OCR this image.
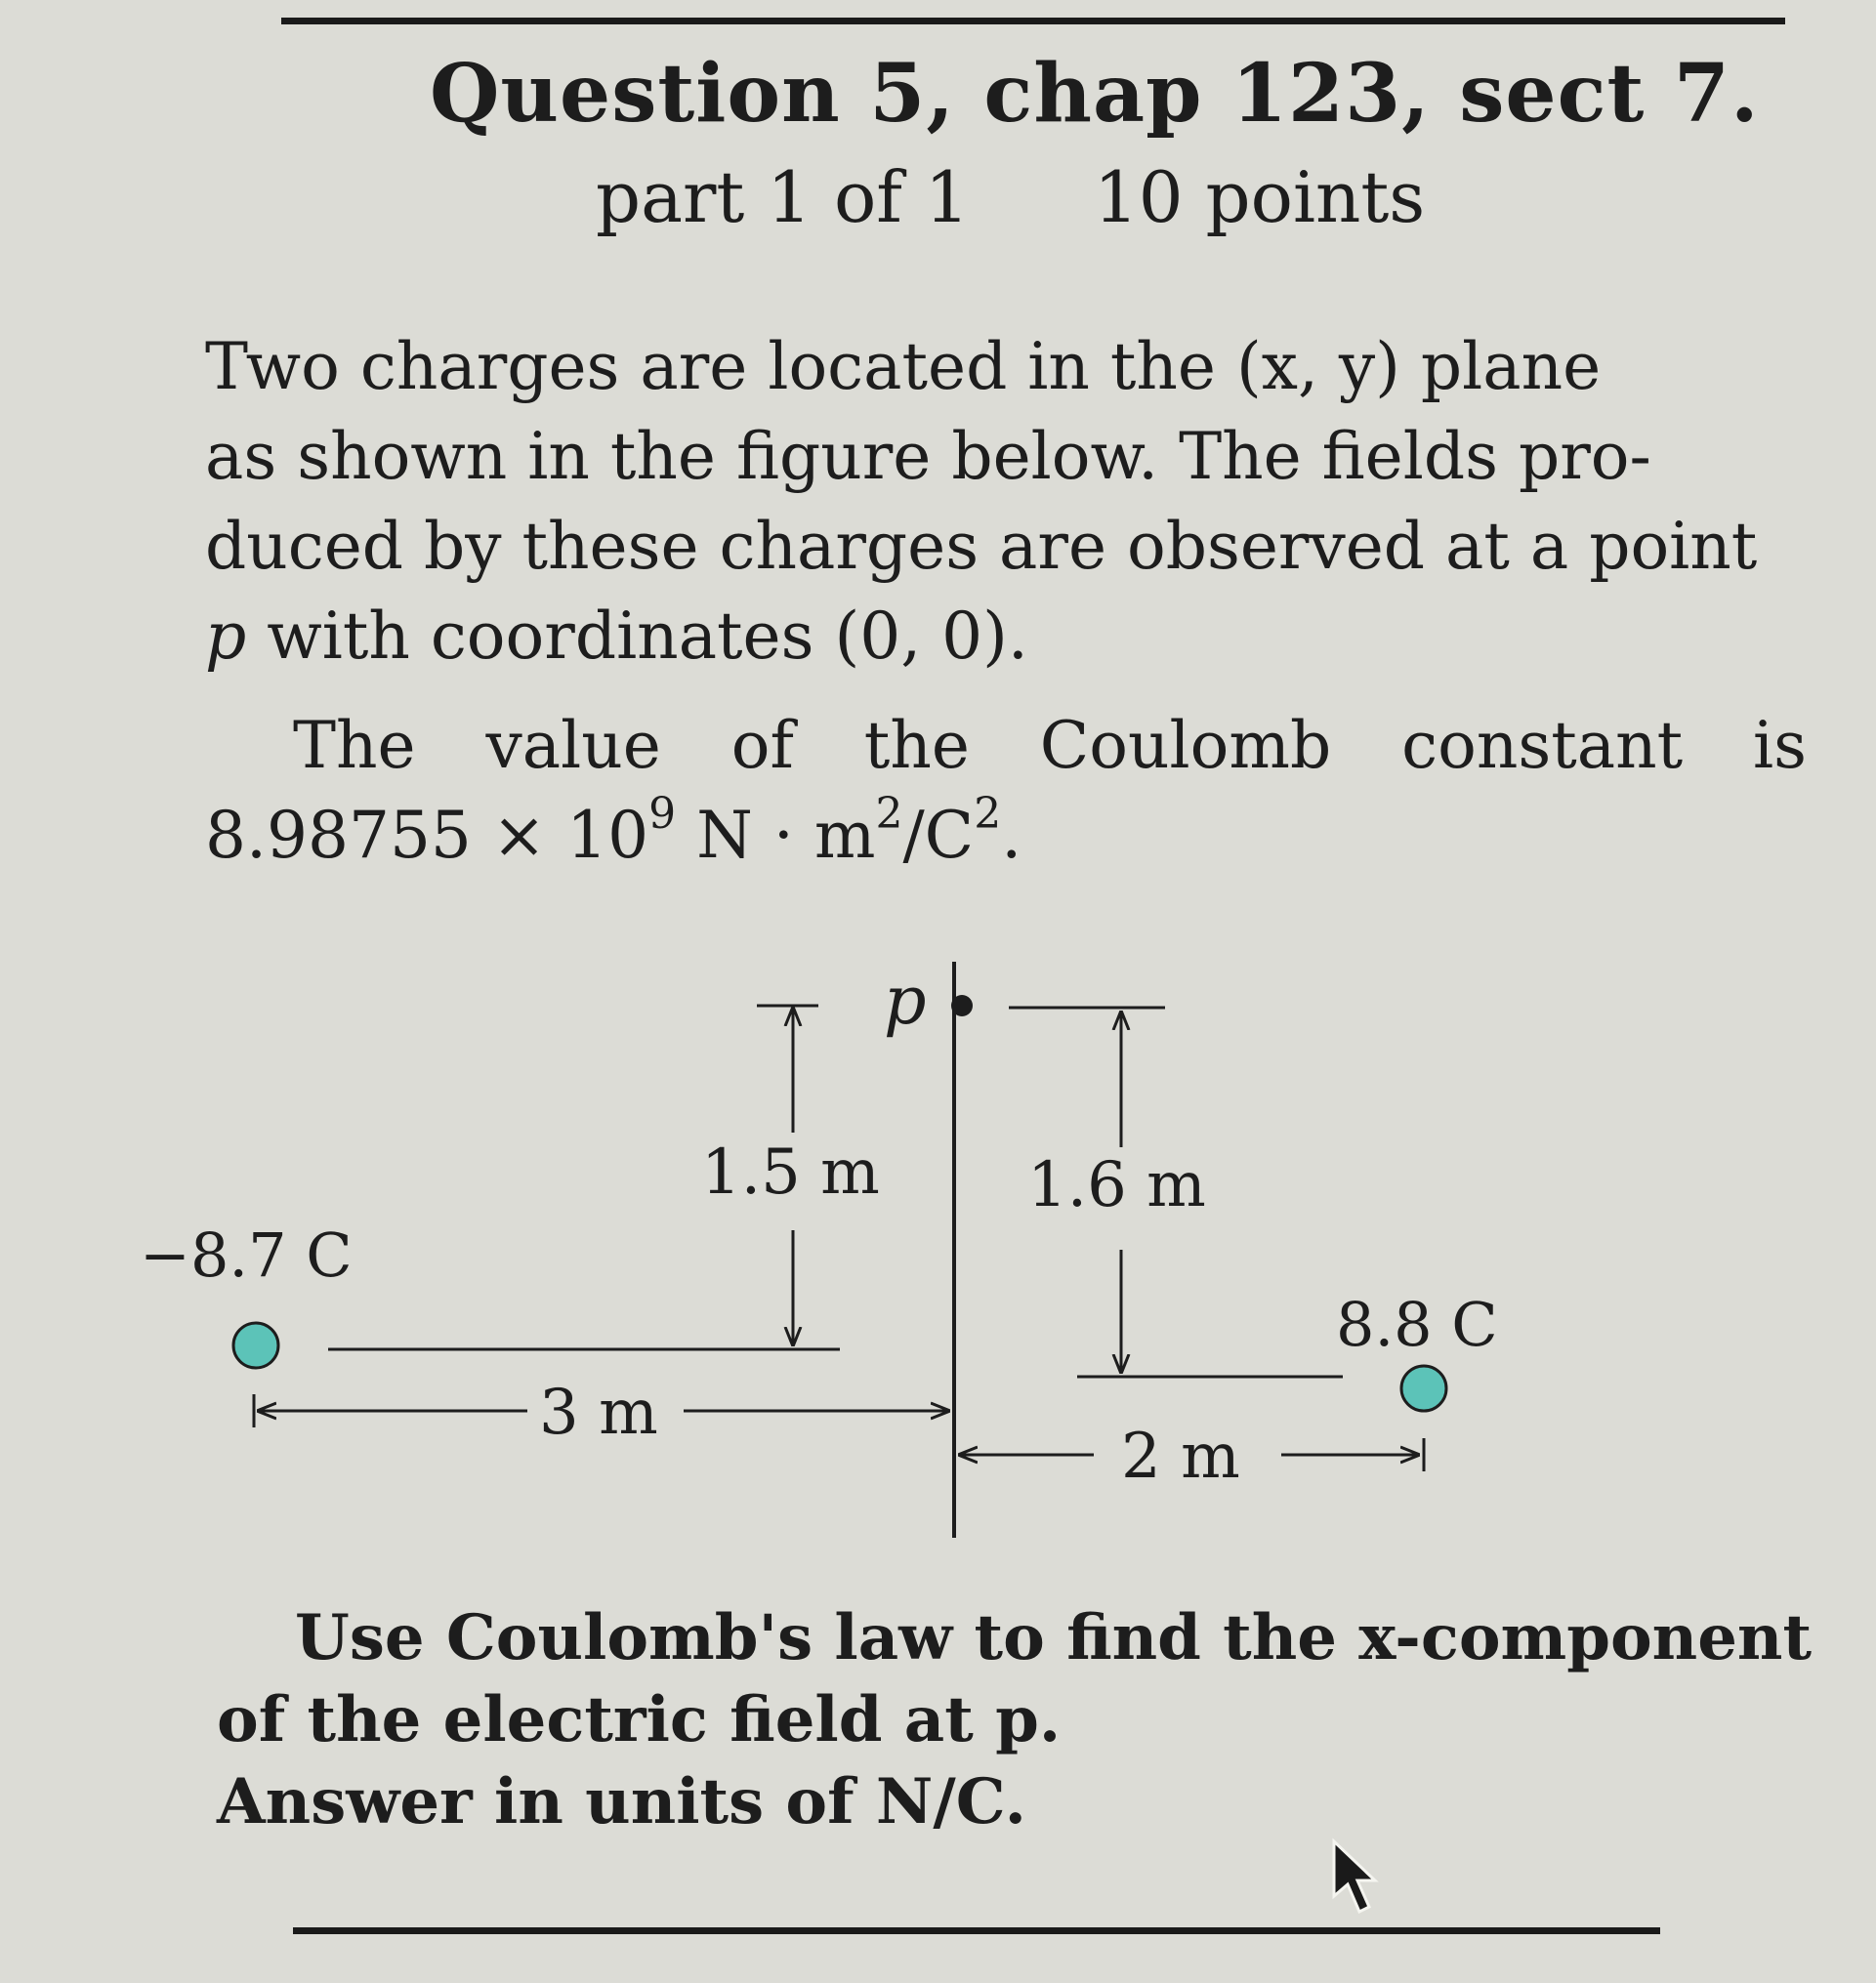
Question 5, chap 123, sect 7.
part 1 of 1 10 points
Two charges are located in the (x, y) plane
as shown in the figure below. The fields pro-
duced by these charges are observed at a point
p with coordinates (0, 0).
The value of the Coulomb constant is
$8.98755 \times 10^9$ $N \cdot m^2/C^2$.
p
1.5 m 1.6 m
−8.7 C
8.8 C
3 m
2 m
Use Coulomb's law to find the x-component
of the electric field at p.
Answer in units of N/C.
